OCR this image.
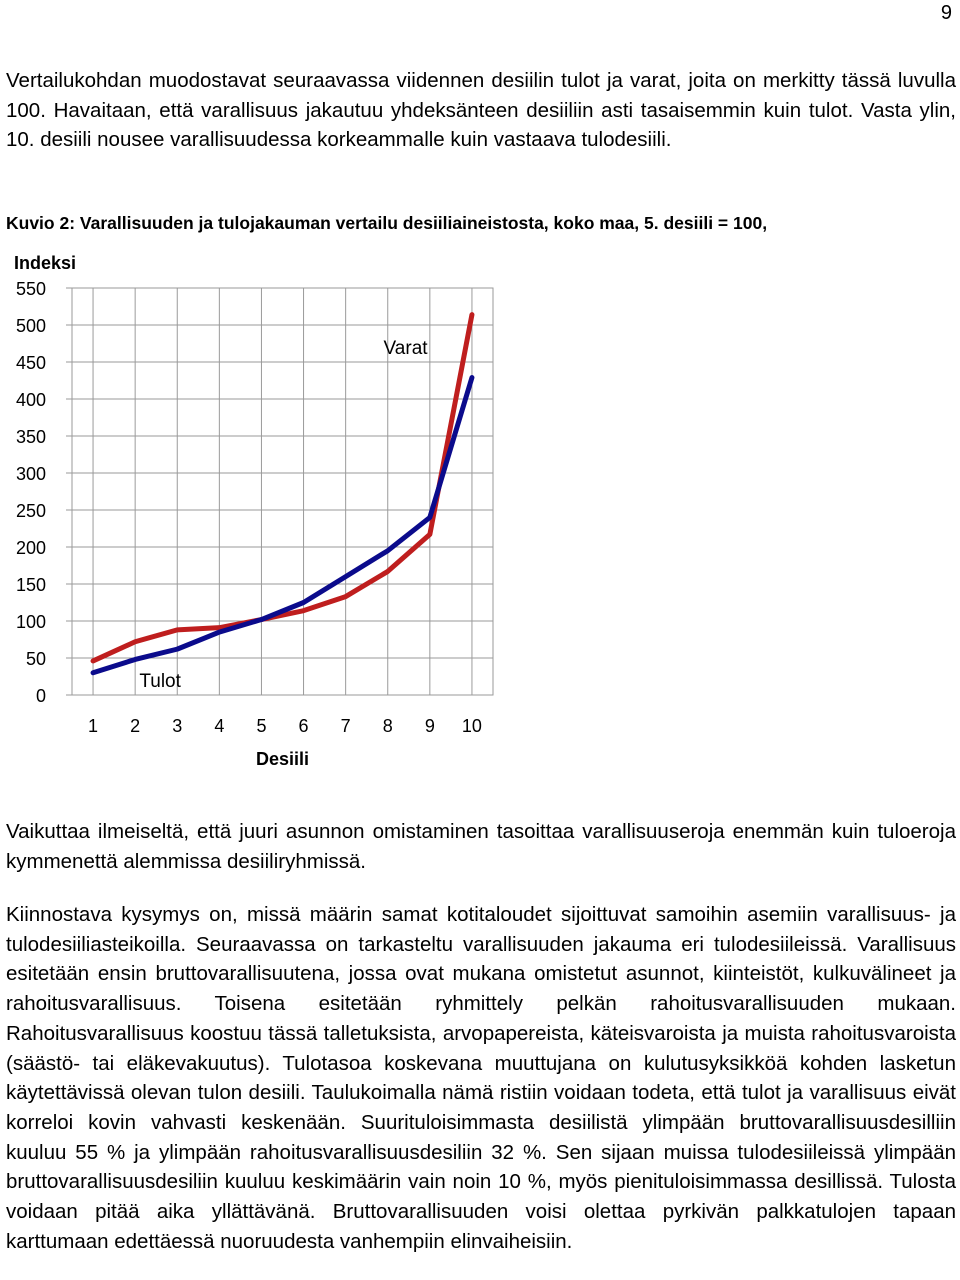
9

Vertailukohdan muodostavat seuraavassa viidennen desiilin tulot ja varat, joita on merkitty tässä luvulla 100. Havaitaan, että varallisuus jakautuu yhdeksänteen desiiliin asti tasaisemmin kuin tulot. Vasta ylin, 10. desiili nousee varallisuudessa korkeammalle kuin vastaava tulodesiili.

Kuvio 2: Varallisuuden ja tulojakauman vertailu desiiliaineistosta, koko maa, 5. desiili = 100,
0
50
100
150
200
250
300
350
400
450
500
550
1 2 3 4 5 6 7 8 9 10
Indeksi
Desiili
Varat
Tulot

Vaikuttaa ilmeiseltä, että juuri asunnon omistaminen tasoittaa varallisuuseroja enemmän kuin tuloeroja kymmenettä alemmissa desiiliryhmissä.

Kiinnostava kysymys on, missä määrin samat kotitaloudet sijoittuvat samoihin asemiin varallisuus- ja tulodesiiliasteikoilla. Seuraavassa on tarkasteltu varallisuuden jakauma eri tulodesiileissä. Varallisuus esitetään ensin bruttovarallisuutena, jossa ovat mukana omistetut asunnot, kiinteistöt, kulkuvälineet ja rahoitusvarallisuus. Toisena esitetään ryhmittely pelkän rahoitusvarallisuuden mukaan. Rahoitusvarallisuus koostuu tässä talletuksista, arvopapereista, käteisvaroista ja muista rahoitusvaroista (säästö- tai eläkevakuutus). Tulotasoa koskevana muuttujana on kulutusyksikköä kohden lasketun käytettävissä olevan tulon desiili. Taulukoimalla nämä ristiin voidaan todeta, että tulot ja varallisuus eivät korreloi kovin vahvasti keskenään. Suurituloisimmasta desiilistä ylimpään bruttovarallisuusdesilliin kuuluu 55 % ja ylimpään rahoitusvarallisuusdesiliin 32 %. Sen sijaan muissa tulodesiileissä ylimpään bruttovarallisuusdesiliin kuuluu keskimäärin vain noin 10 %, myös pienituloisimmassa desillissä. Tulosta voidaan pitää aika yllättävänä. Bruttovarallisuuden voisi olettaa pyrkivän palkkatulojen tapaan karttumaan edettäessä nuoruudesta vanhempiin elinvaiheisiin.
